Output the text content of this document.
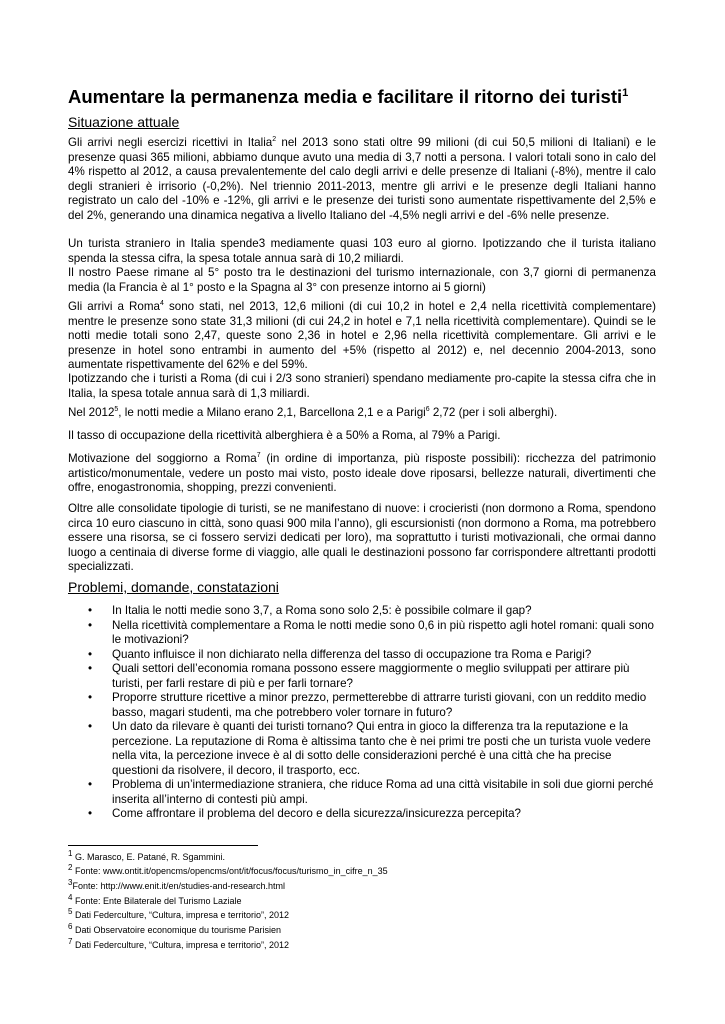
Aumentare la permanenza media e facilitare il ritorno dei turisti$^1$
Situazione attuale

Gli arrivi negli esercizi ricettivi in Italia$^2$ nel 2013 sono stati oltre 99 milioni (di cui 50,5 milioni di Italiani) e le presenze quasi 365 milioni, abbiamo dunque avuto una media di 3,7 notti a persona. I valori totali sono in calo del 4% rispetto al 2012, a causa prevalentemente del calo degli arrivi e delle presenze di Italiani (-8%), mentre il calo degli stranieri è irrisorio (-0,2%). Nel triennio 2011-2013, mentre gli arrivi e le presenze degli Italiani hanno registrato un calo del -10% e -12%, gli arrivi e le presenze dei turisti sono aumentate rispettivamente del 2,5% e del 2%, generando una dinamica negativa a livello Italiano del -4,5% negli arrivi e del -6% nelle presenze.

Un turista straniero in Italia spende3 mediamente quasi 103 euro al giorno. Ipotizzando che il turista italiano spenda la stessa cifra, la spesa totale annua sarà di 10,2 miliardi.

Il nostro Paese rimane al 5° posto tra le destinazioni del turismo internazionale, con 3,7 giorni di permanenza media (la Francia è al 1° posto e la Spagna al 3° con presenze intorno ai 5 giorni)

Gli arrivi a Roma$^4$ sono stati, nel 2013, 12,6 milioni (di cui 10,2 in hotel e 2,4 nella ricettività complementare) mentre le presenze sono state 31,3 milioni (di cui 24,2 in hotel e 7,1 nella ricettività complementare). Quindi se le notti medie totali sono 2,47, queste sono 2,36 in hotel e 2,96 nella ricettività complementare. Gli arrivi e le presenze in hotel sono entrambi in aumento del +5% (rispetto al 2012) e, nel decennio 2004-2013, sono aumentate rispettivamente del 62% e del 59%.

Ipotizzando che i turisti a Roma (di cui i 2/3 sono stranieri) spendano mediamente pro-capite la stessa cifra che in Italia, la spesa totale annua sarà di 1,3 miliardi.

Nel 2012$^5$, le notti medie a Milano erano 2,1, Barcellona 2,1 e a Parigi$^6$ 2,72 (per i soli alberghi).

Il tasso di occupazione della ricettività alberghiera è a 50% a Roma, al 79% a Parigi.

Motivazione del soggiorno a Roma$^7$ (in ordine di importanza, più risposte possibili): ricchezza del patrimonio artistico/monumentale, vedere un posto mai visto, posto ideale dove riposarsi, bellezze naturali, divertimenti che offre, enogastronomia, shopping, prezzi convenienti.

Oltre alle consolidate tipologie di turisti, se ne manifestano di nuove: i crocieristi (non dormono a Roma, spendono circa 10 euro ciascuno in città, sono quasi 900 mila l’anno), gli escursionisti (non dormono a Roma, ma potrebbero essere una risorsa, se ci fossero servizi dedicati per loro), ma soprattutto i turisti motivazionali, che ormai danno luogo a centinaia di diverse forme di viaggio, alle quali le destinazioni possono far corrispondere altrettanti prodotti specializzati.

Problemi, domande, constatazioni
• In Italia le notti medie sono 3,7, a Roma sono solo 2,5: è possibile colmare il gap?
• Nella ricettività complementare a Roma le notti medie sono 0,6 in più rispetto agli hotel romani: quali sono le motivazioni?
• Quanto influisce il non dichiarato nella differenza del tasso di occupazione tra Roma e Parigi?
• Quali settori dell’economia romana possono essere maggiormente o meglio sviluppati per attirare più turisti, per farli restare di più e per farli tornare?
• Proporre strutture ricettive a minor prezzo, permetterebbe di attrarre turisti giovani, con un reddito medio basso, magari studenti, ma che potrebbero voler tornare in futuro?
• Un dato da rilevare è quanti dei turisti tornano? Qui entra in gioco la differenza tra la reputazione e la percezione. La reputazione di Roma è altissima tanto che è nei primi tre posti che un turista vuole vedere nella vita, la percezione invece è al di sotto delle considerazioni perché è una città che ha precise questioni da risolvere, il decoro, il trasporto, ecc.
• Problema di un’intermediazione straniera, che riduce Roma ad una città visitabile in soli due giorni perché inserita all’interno di contesti più ampi.
• Come affrontare il problema del decoro e della sicurezza/insicurezza percepita?
$^1$ G. Marasco, E. Patané, R. Sgammini.
$^2$ Fonte: www.ontit.it/opencms/opencms/ont/it/focus/focus/turismo_in_cifre_n_35
$^3$Fonte: http://www.enit.it/en/studies-and-research.html
$^4$ Fonte: Ente Bilaterale del Turismo Laziale
$^5$ Dati Federculture, “Cultura, impresa e territorio”, 2012
$^6$ Dati Observatoire economique du tourisme Parisien
$^7$ Dati Federculture, “Cultura, impresa e territorio”, 2012
